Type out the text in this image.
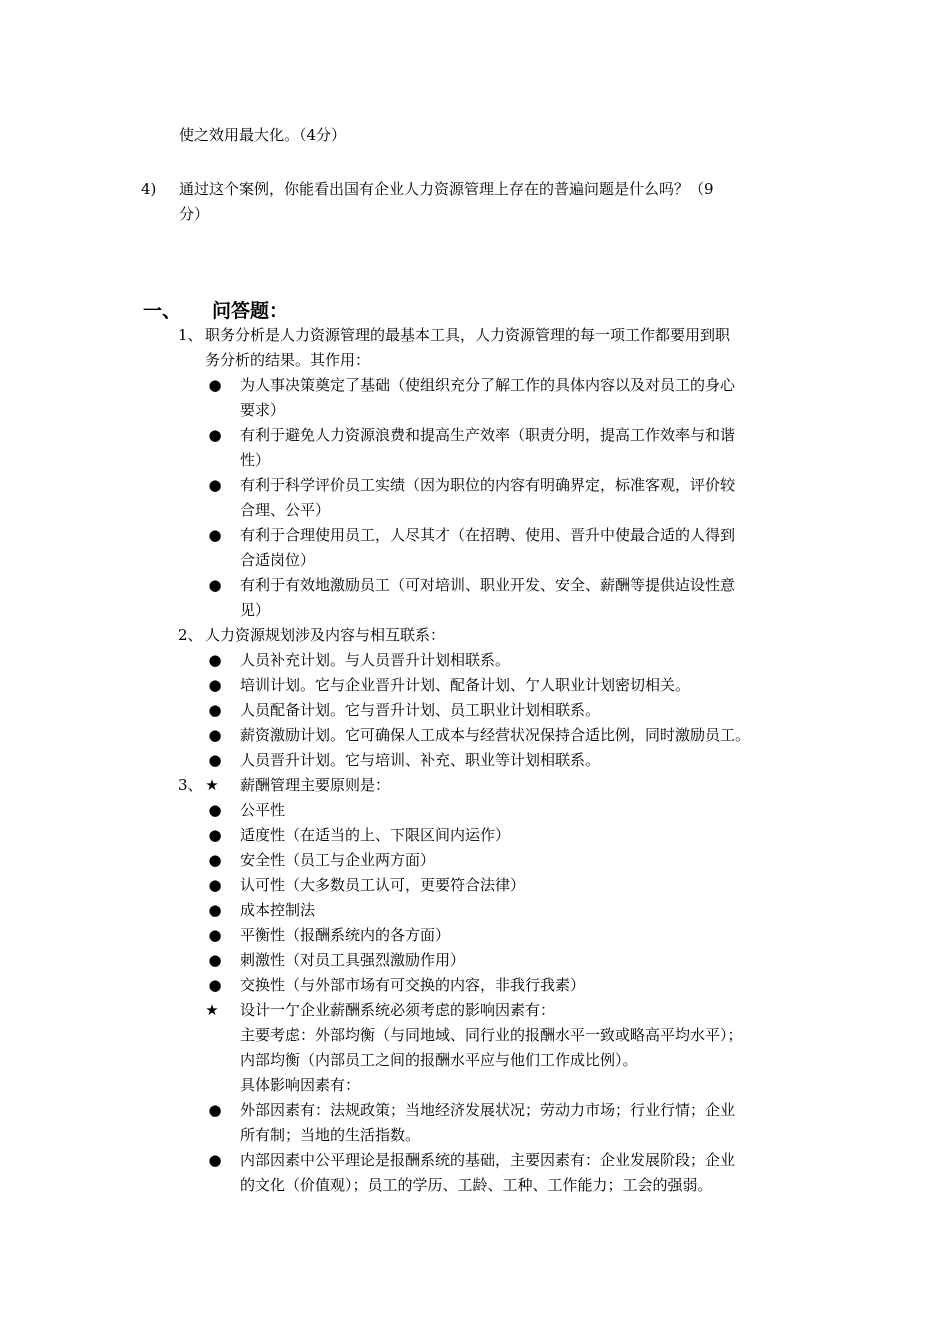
使之效用最大化。（4分）
4) 通过这个案例，你能看出国有企业人力资源管理上存在的普遍问题是什么吗？（9
分）
一、 问答题：
1、 职务分析是人力资源管理的最基本工具，人力资源管理的每一项工作都要用到职
务分析的结果。其作用：
● 为人事决策奠定了基础（使组织充分了解工作的具体内容以及对员工的身心
要求）
● 有利于避免人力资源浪费和提高生产效率（职责分明，提高工作效率与和谐
性）
● 有利于科学评价员工实绩（因为职位的内容有明确界定，标准客观，评价较
合理、公平）
● 有利于合理使用员工，人尽其才（在招聘、使用、晋升中使最合适的人得到
合适岗位）
● 有利于有效地激励员工（可对培训、职业开发、安全、薪酬等提供迠设性意
见）
2、 人力资源规划涉及内容与相互联系：
● 人员补充计划。与人员晋升计划相联系。
● 培训计划。它与企业晋升计划、配备计划、亇人职业计划密切相关。
● 人员配备计划。它与晋升计划、员工职业计划相联系。
● 薪资激励计划。它可确保人工成本与经营状况保持合适比例，同时激励员工。
● 人员晋升计划。它与培训、补充、职业等计划相联系。
3、 ★ 薪酬管理主要原则是：
● 公平性
● 适度性（在适当的上、下限区间内运作）
● 安全性（员工与企业两方面）
● 认可性（大多数员工认可，更要符合法律）
● 成本控制法
● 平衡性（报酬系统内的各方面）
● 刺激性（对员工具强烈激励作用）
● 交换性（与外部市场有可交换的内容，非我行我素）
★ 设计一亇企业薪酬系统必须考虑的影响因素有：
主要考虑：外部均衡（与同地域、同行业的报酬水平一致或略高平均水平）；
内部均衡（内部员工之间的报酬水平应与他们工作成比例）。
具体影响因素有：
● 外部因素有：法规政策；当地经济发展状况；劳动力市场；行业行情；企业
所有制；当地的生活指数。
● 内部因素中公平理论是报酬系统的基础，主要因素有：企业发展阶段；企业
的文化（价值观）；员工的学历、工龄、工种、工作能力；工会的强弱。
